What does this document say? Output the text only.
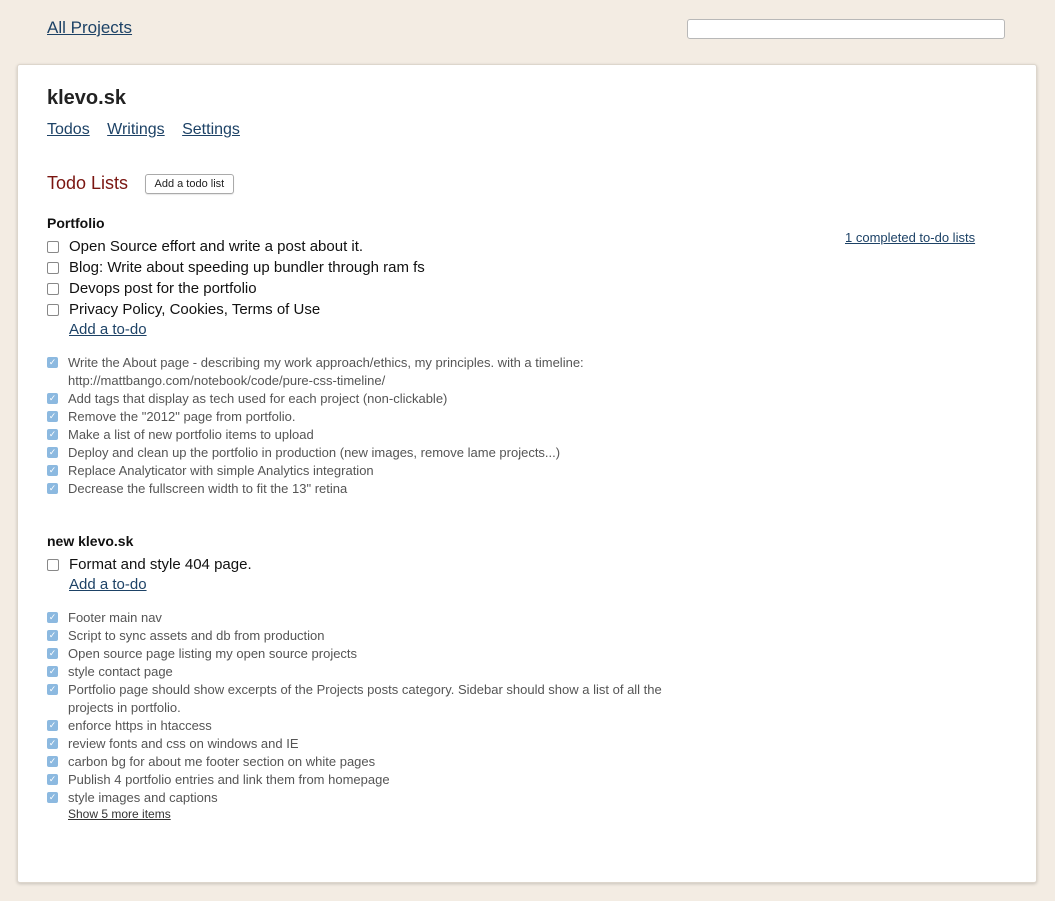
All Projects
klevo.sk
Todos Writings Settings
Todo Lists Add a todo list
1 completed to-do lists
Portfolio
Open Source effort and write a post about it.
Blog: Write about speeding up bundler through ram fs
Devops post for the portfolio
Privacy Policy, Cookies, Terms of Use
Add a to-do
✓ Write the About page - describing my work approach/ethics, my principles. with a timeline: http://mattbango.com/notebook/code/pure-css-timeline/
✓ Add tags that display as tech used for each project (non-clickable)
✓ Remove the "2012" page from portfolio.
✓ Make a list of new portfolio items to upload
✓ Deploy and clean up the portfolio in production (new images, remove lame projects...)
✓ Replace Analyticator with simple Analytics integration
✓ Decrease the fullscreen width to fit the 13" retina
new klevo.sk
Format and style 404 page.
Add a to-do
✓ Footer main nav
✓ Script to sync assets and db from production
✓ Open source page listing my open source projects
✓ style contact page
✓ Portfolio page should show excerpts of the Projects posts category. Sidebar should show a list of all the projects in portfolio.
✓ enforce https in htaccess
✓ review fonts and css on windows and IE
✓ carbon bg for about me footer section on white pages
✓ Publish 4 portfolio entries and link them from homepage
✓ style images and captions
Show 5 more items
